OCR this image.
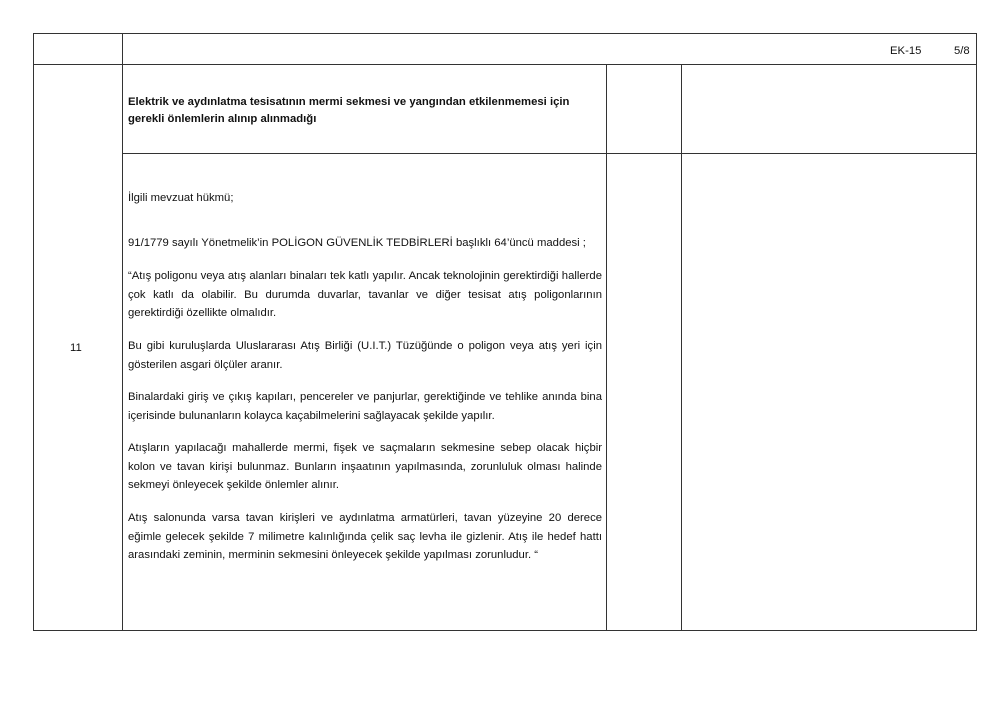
EK-15	5/8
11
Elektrik ve aydınlatma tesisatının mermi sekmesi ve yangından etkilenmemesi için gerekli önlemlerin alınıp alınmadığı
İlgili mevzuat hükmü;
91/1779 sayılı Yönetmelik’in POLİGON GÜVENLİK TEDBİRLERİ başlıklı 64’üncü maddesi ;
“Atış poligonu veya atış alanları binaları tek katlı yapılır. Ancak teknolojinin gerektirdiği hallerde çok katlı da olabilir. Bu durumda duvarlar, tavanlar ve diğer tesisat atış poligonlarının gerektirdiği özellikte olmalıdır.
Bu gibi kuruluşlarda Uluslararası Atış Birliği (U.I.T.) Tüzüğünde o poligon veya atış yeri için gösterilen asgari ölçüler aranır.
Binalardaki giriş ve çıkış kapıları, pencereler ve panjurlar, gerektiğinde ve tehlike anında bina içerisinde bulunanların kolayca kaçabilmelerini sağlayacak şekilde yapılır.
Atışların yapılacağı mahallerde mermi, fişek ve saçmaların sekmesine sebep olacak hiçbir kolon ve tavan kirişi bulunmaz. Bunların inşaatının yapılmasında, zorunluluk olması halinde sekmeyi önleyecek şekilde önlemler alınır.
Atış salonunda varsa tavan kirişleri ve aydınlatma armatürleri, tavan yüzeyine 20 derece eğimle gelecek şekilde 7 milimetre kalınlığında çelik saç levha ile gizlenir. Atış ile hedef hattı arasındaki zeminin, merminin sekmesini önleyecek şekilde yapılması zorunludur. “
